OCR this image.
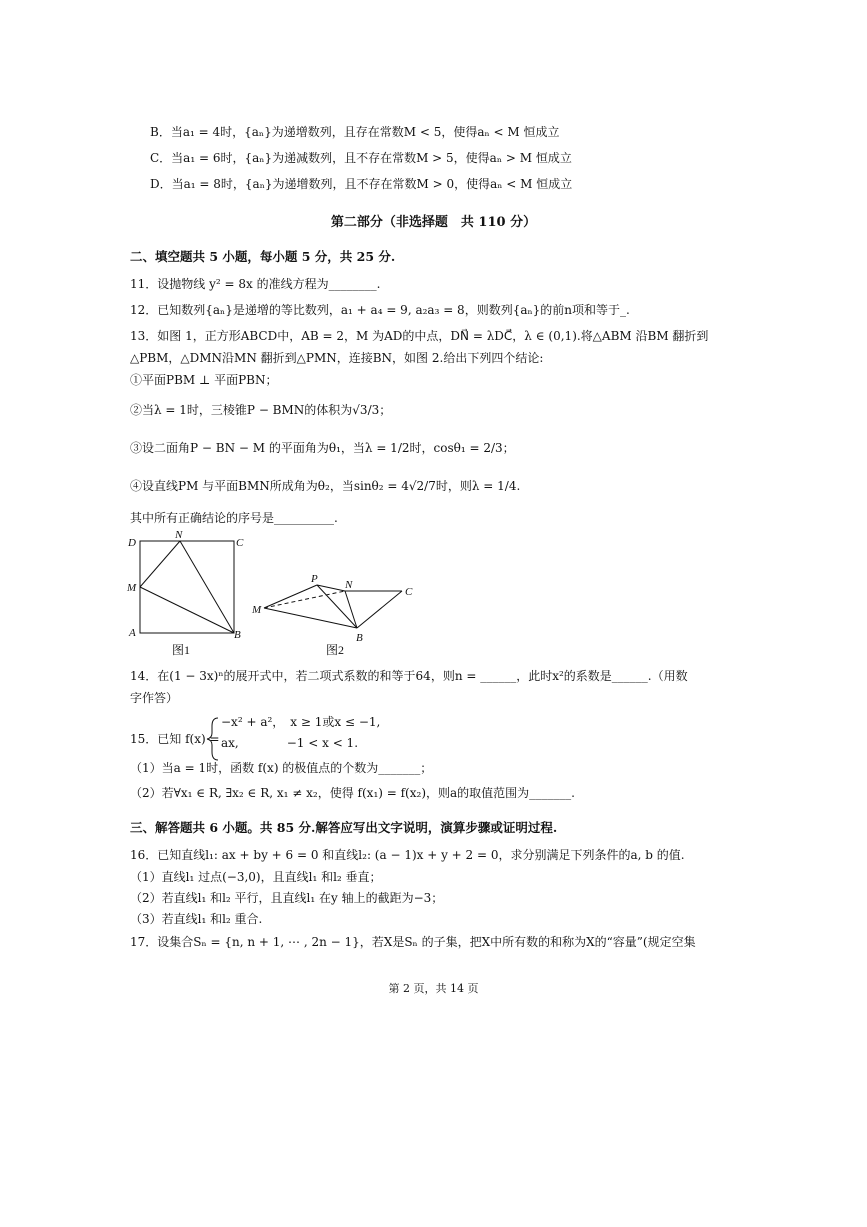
B．当a₁ = 4时，{aₙ}为递增数列，且存在常数M < 5，使得aₙ < M 恒成立
C．当a₁ = 6时，{aₙ}为递减数列，且不存在常数M > 5，使得aₙ > M 恒成立
D．当a₁ = 8时，{aₙ}为递增数列，且不存在常数M > 0，使得aₙ < M 恒成立
第二部分（非选择题　共 110 分）
二、填空题共 5 小题，每小题 5 分，共 25 分.
11．设抛物线 y² = 8x 的准线方程为________.
12．已知数列{aₙ}是递增的等比数列，a₁ + a₄ = 9, a₂a₃ = 8，则数列{aₙ}的前n项和等于_.
13．如图 1，正方形ABCD中，AB = 2，M 为AD的中点，DN⃗ = λDC⃗，λ ∈ (0,1).将△ABM 沿BM 翻折到
△PBM，△DMN沿MN 翻折到△PMN，连接BN，如图 2.给出下列四个结论:
①平面PBM ⊥ 平面PBN；
②当λ = 1时，三棱锥P − BMN的体积为√3/3；
③设二面角P − BN − M 的平面角为θ₁，当λ = 1/2时，cosθ₁ = 2/3；
④设直线PM 与平面BMN所成角为θ₂，当sinθ₂ = 4√2/7时，则λ = 1/4.
其中所有正确结论的序号是__________.
D
N
C
M
A	B
图1
P N
C
M
B
图2
14．在(1 − 3x)ⁿ的展开式中，若二项式系数的和等于64，则n = ______，此时x²的系数是______.（用数
字作答）
15．已知 f(x) =
−x² + a²，　x ≥ 1或x ≤ −1,
ax,　　　　−1 < x < 1.
（1）当a = 1时，函数 f(x) 的极值点的个数为_______；
（2）若∀x₁ ∈ R, ∃x₂ ∈ R, x₁ ≠ x₂，使得 f(x₁) = f(x₂)，则a的取值范围为_______.
三、解答题共 6 小题。共 85 分.解答应写出文字说明，演算步骤或证明过程.
16．已知直线l₁: ax + by + 6 = 0 和直线l₂: (a − 1)x + y + 2 = 0，求分别满足下列条件的a, b 的值.
（1）直线l₁ 过点(−3,0)，且直线l₁ 和l₂ 垂直；
（2）若直线l₁ 和l₂ 平行，且直线l₁ 在y 轴上的截距为−3；
（3）若直线l₁ 和l₂ 重合.
17．设集合Sₙ = {n, n + 1, ⋯ , 2n − 1}，若X是Sₙ 的子集，把X中所有数的和称为X的“容量”(规定空集
第 2 页，共 14 页
